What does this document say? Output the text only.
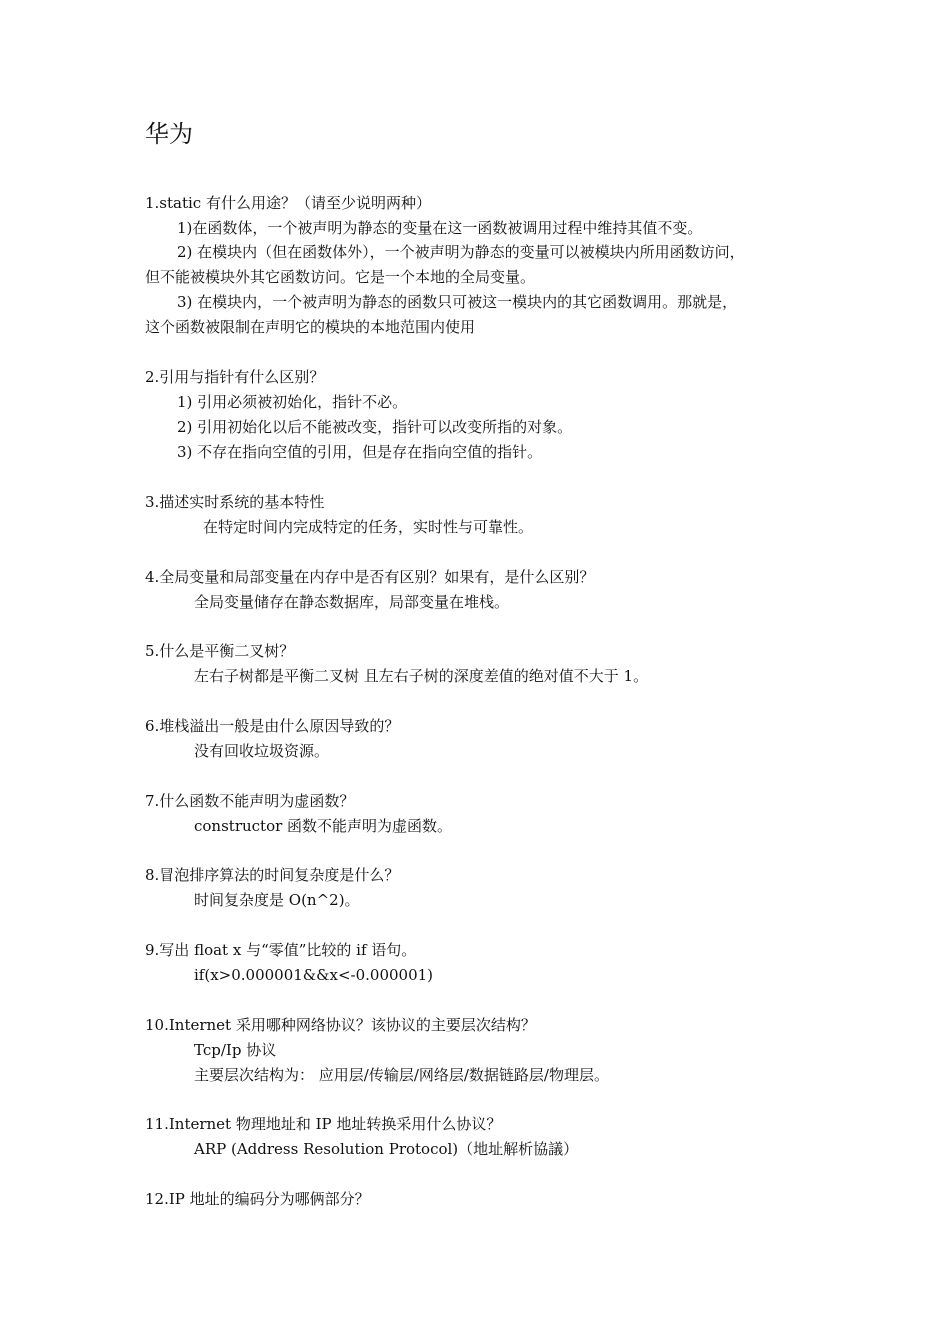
华为
1.static 有什么用途？（请至少说明两种）
1)在函数体，一个被声明为静态的变量在这一函数被调用过程中维持其值不变。
2) 在模块内（但在函数体外），一个被声明为静态的变量可以被模块内所用函数访问，
但不能被模块外其它函数访问。它是一个本地的全局变量。
3) 在模块内，一个被声明为静态的函数只可被这一模块内的其它函数调用。那就是，
这个函数被限制在声明它的模块的本地范围内使用
2.引用与指针有什么区别？
1) 引用必须被初始化，指针不必。
2) 引用初始化以后不能被改变，指针可以改变所指的对象。
3) 不存在指向空值的引用，但是存在指向空值的指针。
3.描述实时系统的基本特性
在特定时间内完成特定的任务，实时性与可靠性。
4.全局变量和局部变量在内存中是否有区别？如果有，是什么区别？
全局变量储存在静态数据库，局部变量在堆栈。
5.什么是平衡二叉树？
左右子树都是平衡二叉树 且左右子树的深度差值的绝对值不大于 1。
6.堆栈溢出一般是由什么原因导致的？
没有回收垃圾资源。
7.什么函数不能声明为虚函数？
constructor 函数不能声明为虚函数。
8.冒泡排序算法的时间复杂度是什么？
时间复杂度是 O(n^2)。
9.写出 float x 与“零值”比较的 if 语句。
if(x>0.000001&&x<-0.000001)
10.Internet 采用哪种网络协议？该协议的主要层次结构？
Tcp/Ip 协议
主要层次结构为： 应用层/传输层/网络层/数据链路层/物理层。
11.Internet 物理地址和 IP 地址转换采用什么协议？
ARP (Address Resolution Protocol)（地址解析協議）
12.IP 地址的编码分为哪俩部分？
